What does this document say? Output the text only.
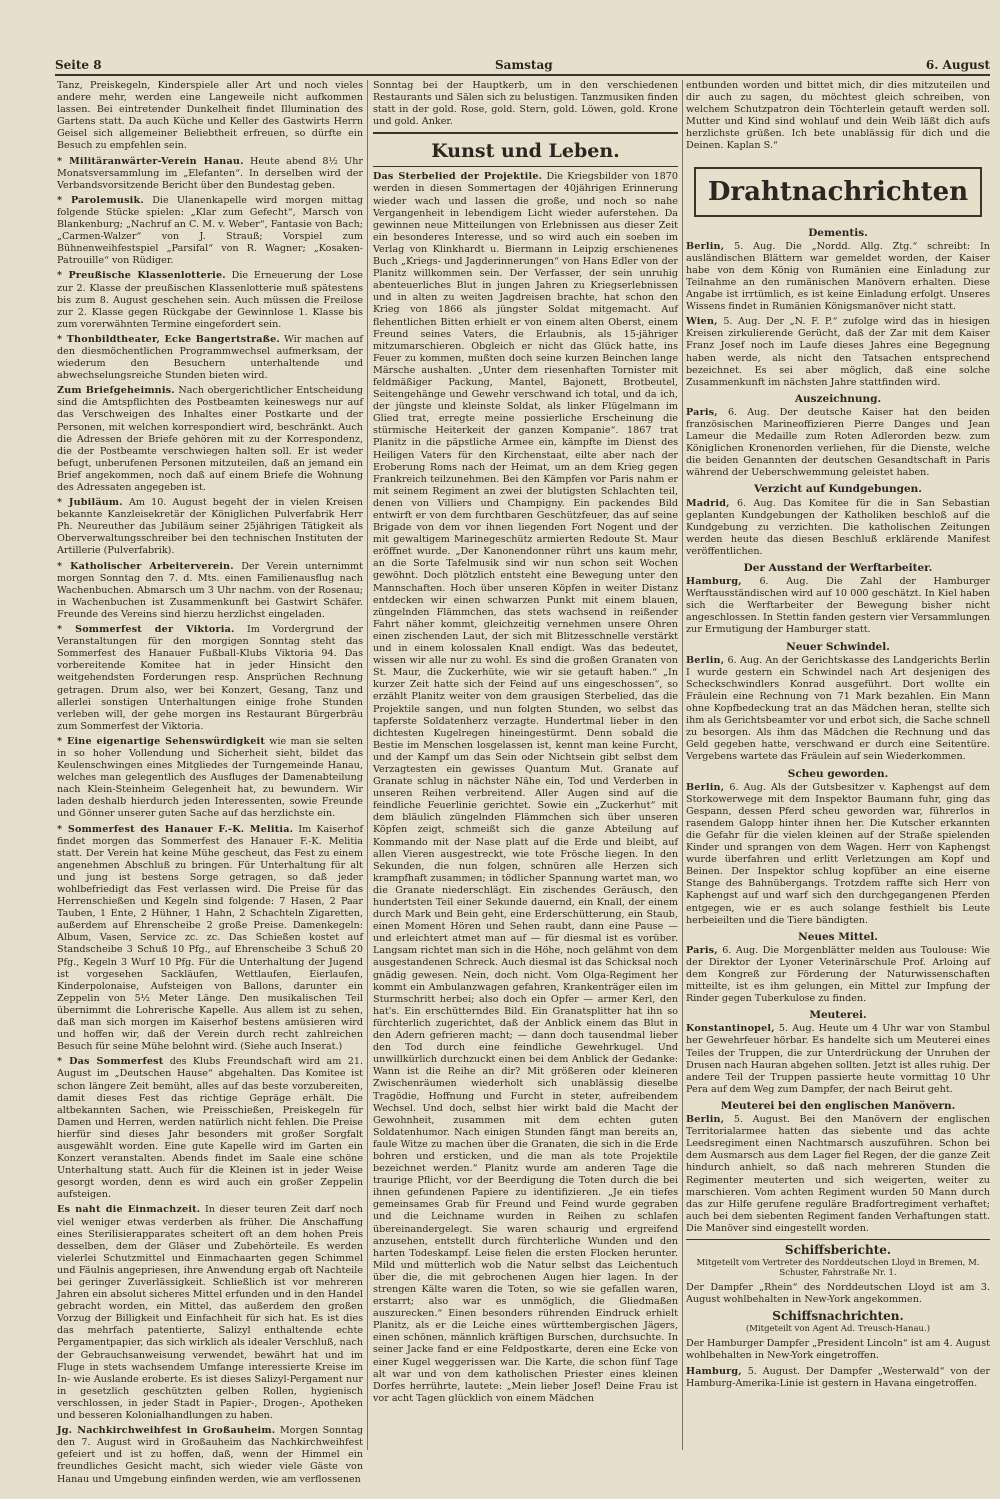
Seite 8	Samstag	6. August

Tanz, Preiskegeln, Kinderspiele aller Art und noch vieles andere mehr, werden eine Langeweile nicht aufkommen lassen. Bei eintretender Dunkelheit findet Illumination des Gartens statt. Da auch Küche und Keller des Gastwirts Herrn Geisel sich allgemeiner Beliebtheit erfreuen, so dürfte ein Besuch zu empfehlen sein.

* Militäranwärter-Verein Hanau. Heute abend 8½ Uhr Monatsversammlung im „Elefanten“. In derselben wird der Verbandsvorsitzende Bericht über den Bundestag geben.

* Parolemusik. Die Ulanenkapelle wird morgen mittag folgende Stücke spielen: „Klar zum Gefecht“, Marsch von Blankenburg; „Nachruf an C. M. v. Weber“, Fantasie von Bach; „Carmen-Walzer“ von J. Strauß; Vorspiel zum Bühnenweihfestspiel „Parsifal“ von R. Wagner; „Kosaken-Patrouille“ von Rüdiger.

* Preußische Klassenlotterie. Die Erneuerung der Lose zur 2. Klasse der preußischen Klassenlotterie muß spätestens bis zum 8. August geschehen sein. Auch müssen die Freilose zur 2. Klasse gegen Rückgabe der Gewinnlose 1. Klasse bis zum vorerwähnten Termine eingefordert sein.

* Thonbildtheater, Ecke Bangertstraße. Wir machen auf den diesmöchentlichen Programmwechsel aufmerksam, der wiederum den Besuchern unterhaltende und abwechselungsreiche Stunden bieten wird.

Zum Briefgeheimnis. Nach obergerichtlicher Entscheidung sind die Amtspflichten des Postbeamten keineswegs nur auf das Verschweigen des Inhaltes einer Postkarte und der Personen, mit welchen korrespondiert wird, beschränkt. Auch die Adressen der Briefe gehören mit zu der Korrespondenz, die der Postbeamte verschwiegen halten soll. Er ist weder befugt, unberufenen Personen mitzuteilen, daß an jemand ein Brief angekommen, noch daß auf einem Briefe die Wohnung des Adressaten angegeben ist.

* Jubiläum. Am 10. August begeht der in vielen Kreisen bekannte Kanzleisekretär der Königlichen Pulverfabrik Herr Ph. Neureuther das Jubiläum seiner 25jährigen Tätigkeit als Oberverwaltungsschreiber bei den technischen Instituten der Artillerie (Pulverfabrik).

* Katholischer Arbeiterverein. Der Verein unternimmt morgen Sonntag den 7. d. Mts. einen Familienausflug nach Wachenbuchen. Abmarsch um 3 Uhr nachm. von der Rosenau; in Wachenbuchen ist Zusammenkunft bei Gastwirt Schäfer. Freunde des Vereins sind hierzu herzlichst eingeladen.

* Sommerfest der Viktoria. Im Vordergrund der Veranstaltungen für den morgigen Sonntag steht das Sommerfest des Hanauer Fußball-Klubs Viktoria 94. Das vorbereitende Komitee hat in jeder Hinsicht den weitgehendsten Forderungen resp. Ansprüchen Rechnung getragen. Drum also, wer bei Konzert, Gesang, Tanz und allerlei sonstigen Unterhaltungen einige frohe Stunden verleben will, der gehe morgen ins Restaurant Bürgerbräu zum Sommerfest der Viktoria.

* Eine eigenartige Sehenswürdigkeit wie man sie selten in so hoher Vollendung und Sicherheit sieht, bildet das Keulenschwingen eines Mitgliedes der Turngemeinde Hanau, welches man gelegentlich des Ausfluges der Damenabteilung nach Klein-Steinheim Gelegenheit hat, zu bewundern. Wir laden deshalb hierdurch jeden Interessenten, sowie Freunde und Gönner unserer guten Sache auf das herzlichste ein.

* Sommerfest des Hanauer F.-K. Melitia. Im Kaiserhof findet morgen das Sommerfest des Hanauer F.-K. Melitia statt. Der Verein hat keine Mühe gescheut, das Fest zu einem angenehmen Abschluß zu bringen. Für Unterhaltung für alt und jung ist bestens Sorge getragen, so daß jeder wohlbefriedigt das Fest verlassen wird. Die Preise für das Herrenschießen und Kegeln sind folgende: 7 Hasen, 2 Paar Tauben, 1 Ente, 2 Hühner, 1 Hahn, 2 Schachteln Zigaretten, außerdem auf Ehrenscheibe 2 große Preise. Damenkegeln: Album, Vasen, Service zc. zc. Das Schießen kostet auf Standscheibe 3 Schuß 10 Pfg., auf Ehrenscheibe 3 Schuß 20 Pfg., Kegeln 3 Wurf 10 Pfg. Für die Unterhaltung der Jugend ist vorgesehen Sackläufen, Wettlaufen, Eierlaufen, Kinderpolonaise, Aufsteigen von Ballons, darunter ein Zeppelin von 5½ Meter Länge. Den musikalischen Teil übernimmt die Lohrerische Kapelle. Aus allem ist zu sehen, daß man sich morgen im Kaiserhof bestens amüsieren wird und hoffen wir, daß der Verein durch recht zahlreichen Besuch für seine Mühe belohnt wird. (Siehe auch Inserat.)

* Das Sommerfest des Klubs Freundschaft wird am 21. August im „Deutschen Hause“ abgehalten. Das Komitee ist schon längere Zeit bemüht, alles auf das beste vorzubereiten, damit dieses Fest das richtige Gepräge erhält. Die altbekannten Sachen, wie Preisschießen, Preiskegeln für Damen und Herren, werden natürlich nicht fehlen. Die Preise hierfür sind dieses Jahr besonders mit großer Sorgfalt ausgewählt worden. Eine gute Kapelle wird im Garten ein Konzert veranstalten. Abends findet im Saale eine schöne Unterhaltung statt. Auch für die Kleinen ist in jeder Weise gesorgt worden, denn es wird auch ein großer Zeppelin aufsteigen.

Es naht die Einmachzeit. In dieser teuren Zeit darf noch viel weniger etwas verderben als früher. Die Anschaffung eines Sterilisierapparates scheitert oft an dem hohen Preis desselben, dem der Gläser und Zubehörteile. Es werden vielerlei Schutzmittel und Einmachaarten gegen Schimmel und Fäulnis angepriesen, ihre Anwendung ergab oft Nachteile bei geringer Zuverlässigkeit. Schließlich ist vor mehreren Jahren ein absolut sicheres Mittel erfunden und in den Handel gebracht worden, ein Mittel, das außerdem den großen Vorzug der Billigkeit und Einfachheit für sich hat. Es ist dies das mehrfach patentierte, Salizyl enthaltende echte Pergamentpapier, das sich wirklich als idealer Verschluß, nach der Gebrauchsanweisung verwendet, bewährt hat und im Fluge in stets wachsendem Umfange interessierte Kreise im In- wie Auslande eroberte. Es ist dieses Salizyl-Pergament nur in gesetzlich geschützten gelben Rollen, hygienisch verschlossen, in jeder Stadt in Papier-, Drogen-, Apotheken und besseren Kolonialhandlungen zu haben.

Jg. Nachkirchweihfest in Großauheim. Morgen Sonntag den 7. August wird in Großauheim das Nachkirchweihfest gefeiert und ist zu hoffen, daß, wenn der Himmel ein freundliches Gesicht macht, sich wieder viele Gäste von Hanau und Umgebung einfinden werden, wie am verflossenen

Sonntag bei der Hauptkerb, um in den verschiedenen Restaurants und Sälen sich zu belustigen. Tanzmusiken finden statt in der gold. Rose, gold. Stern, gold. Löwen, gold. Krone und gold. Anker.

Kunst und Leben.

Das Sterbelied der Projektile. Die Kriegsbilder von 1870 werden in diesen Sommertagen der 40jährigen Erinnerung wieder wach und lassen die große, und noch so nahe Vergangenheit in lebendigem Licht wieder auferstehen. Da gewinnen neue Mitteilungen von Erlebnissen aus dieser Zeit ein besonderes Interesse, und so wird auch ein soeben im Verlag von Klinkhardt u. Biermann in Leipzig erschienenes Buch „Kriegs- und Jagderinnerungen“ von Hans Edler von der Planitz willkommen sein. Der Verfasser, der sein unruhig abenteuerliches Blut in jungen Jahren zu Kriegserlebnissen und in alten zu weiten Jagdreisen brachte, hat schon den Krieg von 1866 als jüngster Soldat mitgemacht. Auf flehentlichen Bitten erhielt er von einem alten Oberst, einem Freund seines Vaters, die Erlaubnis, als 15-jähriger mitzumarschieren. Obgleich er nicht das Glück hatte, ins Feuer zu kommen, mußten doch seine kurzen Beinchen lange Märsche aushalten. „Unter dem riesenhaften Tornister mit feldmäßiger Packung, Mantel, Bajonett, Brotbeutel, Seitengehänge und Gewehr verschwand ich total, und da ich, der jüngste und kleinste Soldat, als linker Flügelmann im Glied trat, erregte meine possierliche Erscheinung die stürmische Heiterkeit der ganzen Kompanie“. 1867 trat Planitz in die päpstliche Armee ein, kämpfte im Dienst des Heiligen Vaters für den Kirchenstaat, eilte aber nach der Eroberung Roms nach der Heimat, um an dem Krieg gegen Frankreich teilzunehmen. Bei den Kämpfen vor Paris nahm er mit seinem Regiment an zwei der blutigsten Schlachten teil, denen von Villiers und Champigny. Ein packendes Bild entwirft er von dem furchtbaren Geschützfeuer, das auf seine Brigade von dem vor ihnen liegenden Fort Nogent und der mit gewaltigem Marinegeschütz armierten Redoute St. Maur eröffnet wurde. „Der Kanonendonner rührt uns kaum mehr, an die Sorte Tafelmusik sind wir nun schon seit Wochen gewöhnt. Doch plötzlich entsteht eine Bewegung unter den Mannschaften. Hoch über unseren Köpfen in weiter Distanz entdecken wir einen schwarzen Punkt mit einem blauen, züngelnden Flämmchen, das stets wachsend in reißender Fahrt näher kommt, gleichzeitig vernehmen unsere Ohren einen zischenden Laut, der sich mit Blitzesschnelle verstärkt und in einem kolossalen Knall endigt. Was das bedeutet, wissen wir alle nur zu wohl. Es sind die großen Granaten von St. Maur, die Zuckerhüte, wie wir sie getauft haben.“ „In kurzer Zeit hatte sich der Feind auf uns eingeschossen“, so erzählt Planitz weiter von dem grausigen Sterbelied, das die Projektile sangen, und nun folgten Stunden, wo selbst das tapferste Soldatenherz verzagte. Hundertmal lieber in den dichtesten Kugelregen hineingestürmt. Denn sobald die Bestie im Menschen losgelassen ist, kennt man keine Furcht, und der Kampf um das Sein oder Nichtsein gibt selbst dem Verzagtesten ein gewisses Quantum Mut. Granate auf Granate schlug in nächster Nähe ein, Tod und Verderben in unseren Reihen verbreitend. Aller Augen sind auf die feindliche Feuerlinie gerichtet. Sowie ein „Zuckerhut“ mit dem bläulich züngelnden Flämmchen sich über unseren Köpfen zeigt, schmeißt sich die ganze Abteilung auf Kommando mit der Nase platt auf die Erde und bleibt, auf allen Vieren ausgestreckt, wie tote Frösche liegen. In den Sekunden, die nun folgen, schnüren alle Herzen sich krampfhaft zusammen; in tödlicher Spannung wartet man, wo die Granate niederschlägt. Ein zischendes Geräusch, den hundertsten Teil einer Sekunde dauernd, ein Knall, der einem durch Mark und Bein geht, eine Erderschütterung, ein Staub, einen Moment Hören und Sehen raubt, dann eine Pause — und erleichtert atmet man auf — für diesmal ist es vorüber. Langsam richtet man sich in die Höhe, noch gelähmt von dem ausgestandenen Schreck. Auch diesmal ist das Schicksal noch gnädig gewesen. Nein, doch nicht. Vom Olga-Regiment her kommt ein Ambulanzwagen gefahren, Krankenträger eilen im Sturmschritt herbei; also doch ein Opfer — armer Kerl, den hat's. Ein erschütterndes Bild. Ein Granatsplitter hat ihn so fürchterlich zugerichtet, daß der Anblick einem das Blut in den Adern gefrieren macht; — dann doch tausendmal lieber den Tod durch eine feindliche Gewehrkugel. Und unwillkürlich durchzuckt einen bei dem Anblick der Gedanke: Wann ist die Reihe an dir? Mit größeren oder kleineren Zwischenräumen wiederholt sich unablässig dieselbe Tragödie, Hoffnung und Furcht in steter, aufreibendem Wechsel. Und doch, selbst hier wirkt bald die Macht der Gewohnheit, zusammen mit dem echten guten Soldatenhumor. Nach einigen Stunden fängt man bereits an, faule Witze zu machen über die Granaten, die sich in die Erde bohren und ersticken, und die man als tote Projektile bezeichnet werden.“ Planitz wurde am anderen Tage die traurige Pflicht, vor der Beerdigung die Toten durch die bei ihnen gefundenen Papiere zu identifizieren. „Je ein tiefes gemeinsames Grab für Freund und Feind wurde gegraben und die Leichname wurden in Reihen zu schlafen übereinandergelegt. Sie waren schaurig und ergreifend anzusehen, entstellt durch fürchterliche Wunden und den harten Todeskampf. Leise fielen die ersten Flocken herunter. Mild und mütterlich wob die Natur selbst das Leichentuch über die, die mit gebrochenen Augen hier lagen. In der strengen Kälte waren die Toten, so wie sie gefallen waren, erstarrt; also war es unmöglich, die Gliedmaßen auszurecken.“ Einen besonders rührenden Eindruck erhielt Planitz, als er die Leiche eines württembergischen Jägers, einen schönen, männlich kräftigen Burschen, durchsuchte. In seiner Jacke fand er eine Feldpostkarte, deren eine Ecke von einer Kugel weggerissen war. Die Karte, die schon fünf Tage alt war und von dem katholischen Priester eines kleinen Dorfes herrührte, lautete: „Mein lieber Josef! Deine Frau ist vor acht Tagen glücklich von einem Mädchen

entbunden worden und bittet mich, dir dies mitzuteilen und dir auch zu sagen, du möchtest gleich schreiben, von welchem Schutzpatron dein Töchterlein getauft werden soll. Mutter und Kind sind wohlauf und dein Weib läßt dich aufs herzlichste grüßen. Ich bete unablässig für dich und die Deinen. Kaplan S.“

Drahtnachrichten
Dementis.

Berlin, 5. Aug. Die „Nordd. Allg. Ztg.“ schreibt: In ausländischen Blättern war gemeldet worden, der Kaiser habe von dem König von Rumänien eine Einladung zur Teilnahme an den rumänischen Manövern erhalten. Diese Angabe ist irrtümlich, es ist keine Einladung erfolgt. Unseres Wissens findet in Rumänien Königsmanöver nicht statt.

Wien, 5. Aug. Der „N. F. P.“ zufolge wird das in hiesigen Kreisen zirkulierende Gerücht, daß der Zar mit dem Kaiser Franz Josef noch im Laufe dieses Jahres eine Begegnung haben werde, als nicht den Tatsachen entsprechend bezeichnet. Es sei aber möglich, daß eine solche Zusammenkunft im nächsten Jahre stattfinden wird.

Auszeichnung.

Paris, 6. Aug. Der deutsche Kaiser hat den beiden französischen Marineoffizieren Pierre Danges und Jean Lameur die Medaille zum Roten Adlerorden bezw. zum Königlichen Kronenorden verliehen, für die Dienste, welche die beiden Genannten der deutschen Gesandtschaft in Paris während der Ueberschwemmung geleistet haben.

Verzicht auf Kundgebungen.

Madrid, 6. Aug. Das Komitee für die in San Sebastian geplanten Kundgebungen der Katholiken beschloß auf die Kundgebung zu verzichten. Die katholischen Zeitungen werden heute das diesen Beschluß erklärende Manifest veröffentlichen.

Der Ausstand der Werftarbeiter.

Hamburg, 6. Aug. Die Zahl der Hamburger Werftausständischen wird auf 10 000 geschätzt. In Kiel haben sich die Werftarbeiter der Bewegung bisher nicht angeschlossen. In Stettin fanden gestern vier Versammlungen zur Ermutigung der Hamburger statt.

Neuer Schwindel.

Berlin, 6. Aug. An der Gerichtskasse des Landgerichts Berlin I wurde gestern ein Schwindel nach Art desjenigen des Scheckschwindlers Konrad ausgeführt. Dort wollte ein Fräulein eine Rechnung von 71 Mark bezahlen. Ein Mann ohne Kopfbedeckung trat an das Mädchen heran, stellte sich ihm als Gerichtsbeamter vor und erbot sich, die Sache schnell zu besorgen. Als ihm das Mädchen die Rechnung und das Geld gegeben hatte, verschwand er durch eine Seitentüre. Vergebens wartete das Fräulein auf sein Wiederkommen.

Scheu geworden.

Berlin, 6. Aug. Als der Gutsbesitzer v. Kaphengst auf dem Storkowerwege mit dem Inspektor Baumann fuhr, ging das Gespann, dessen Pferd scheu geworden war, führerlos in rasendem Galopp hinter ihnen her. Die Kutscher erkannten die Gefahr für die vielen kleinen auf der Straße spielenden Kinder und sprangen von dem Wagen. Herr von Kaphengst wurde überfahren und erlitt Verletzungen am Kopf und Beinen. Der Inspektor schlug kopfüber an eine eiserne Stange des Bahnübergangs. Trotzdem raffte sich Herr von Kaphengst auf und warf sich den durchgegangenen Pferden entgegen, wie er es auch solange festhielt bis Leute herbeieilten und die Tiere bändigten.

Neues Mittel.

Paris, 6. Aug. Die Morgenblätter melden aus Toulouse: Wie der Direktor der Lyoner Veterinärschule Prof. Arloing auf dem Kongreß zur Förderung der Naturwissenschaften mitteilte, ist es ihm gelungen, ein Mittel zur Impfung der Rinder gegen Tuberkulose zu finden.

Meuterei.

Konstantinopel, 5. Aug. Heute um 4 Uhr war von Stambul her Gewehrfeuer hörbar. Es handelte sich um Meuterei eines Teiles der Truppen, die zur Unterdrückung der Unruhen der Drusen nach Hauran abgehen sollten. Jetzt ist alles ruhig. Der andere Teil der Truppen passierte heute vormittag 10 Uhr Pera auf dem Weg zum Dampfer, der nach Beirut geht.

Meuterei bei den englischen Manövern.

Berlin, 5. August. Bei den Manövern der englischen Territorialarmee hatten das siebente und das achte Leedsregiment einen Nachtmarsch auszuführen. Schon bei dem Ausmarsch aus dem Lager fiel Regen, der die ganze Zeit hindurch anhielt, so daß nach mehreren Stunden die Regimenter meuterten und sich weigerten, weiter zu marschieren. Vom achten Regiment wurden 50 Mann durch das zur Hilfe gerufene reguläre Bradfortregiment verhaftet; auch bei dem siebenten Regiment fanden Verhaftungen statt. Die Manöver sind eingestellt worden.

Schiffsberichte.

Mitgeteilt vom Vertreter des Norddeutschen Lloyd in Bremen, M. Schuster, Fahrstraße Nr. 1.

Der Dampfer „Rhein“ des Norddeutschen Lloyd ist am 3. August wohlbehalten in New-York angekommen.

Schiffsnachrichten.

(Mitgeteilt von Agent Ad. Treusch-Hanau.)

Der Hamburger Dampfer „President Lincoln“ ist am 4. August wohlbehalten in New-York eingetroffen.

Hamburg, 5. August. Der Dampfer „Westerwald“ von der Hamburg-Amerika-Linie ist gestern in Havana eingetroffen.
